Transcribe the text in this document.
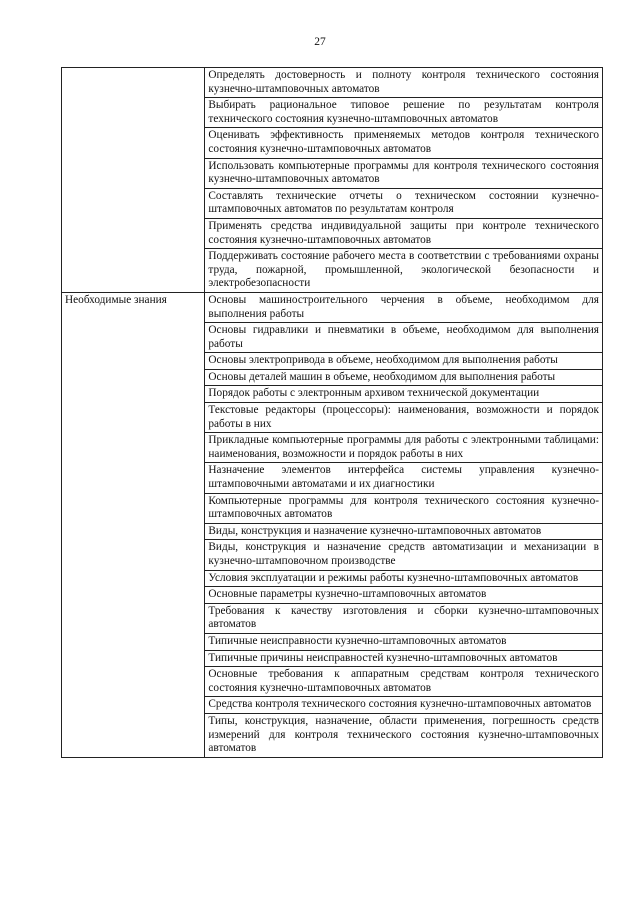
27
	Определять достоверность и полноту контроля технического состояния кузнечно-штамповочных автоматов
	Выбирать рациональное типовое решение по результатам контроля технического состояния кузнечно-штамповочных автоматов
	Оценивать эффективность применяемых методов контроля технического состояния кузнечно-штамповочных автоматов
	Использовать компьютерные программы для контроля технического состояния кузнечно-штамповочных автоматов
	Составлять технические отчеты о техническом состоянии кузнечно-штамповочных автоматов по результатам контроля
	Применять средства индивидуальной защиты при контроле технического состояния кузнечно-штамповочных автоматов
	Поддерживать состояние рабочего места в соответствии с требованиями охраны труда, пожарной, промышленной, экологической безопасности и электробезопасности
Необходимые знания	Основы машиностроительного черчения в объеме, необходимом для выполнения работы
	Основы гидравлики и пневматики в объеме, необходимом для выполнения работы
	Основы электропривода в объеме, необходимом для выполнения работы
	Основы деталей машин в объеме, необходимом для выполнения работы
	Порядок работы с электронным архивом технической документации
	Текстовые редакторы (процессоры): наименования, возможности и порядок работы в них
	Прикладные компьютерные программы для работы с электронными таблицами: наименования, возможности и порядок работы в них
	Назначение элементов интерфейса системы управления кузнечно-штамповочными автоматами и их диагностики
	Компьютерные программы для контроля технического состояния кузнечно-штамповочных автоматов
	Виды, конструкция и назначение кузнечно-штамповочных автоматов
	Виды, конструкция и назначение средств автоматизации и механизации в кузнечно-штамповочном производстве
	Условия эксплуатации и режимы работы кузнечно-штамповочных автоматов
	Основные параметры кузнечно-штамповочных автоматов
	Требования к качеству изготовления и сборки кузнечно-штамповочных автоматов
	Типичные неисправности кузнечно-штамповочных автоматов
	Типичные причины неисправностей кузнечно-штамповочных автоматов
	Основные требования к аппаратным средствам контроля технического состояния кузнечно-штамповочных автоматов
	Средства контроля технического состояния кузнечно-штамповочных автоматов
	Типы, конструкция, назначение, области применения, погрешность средств измерений для контроля технического состояния кузнечно-штамповочных автоматов
